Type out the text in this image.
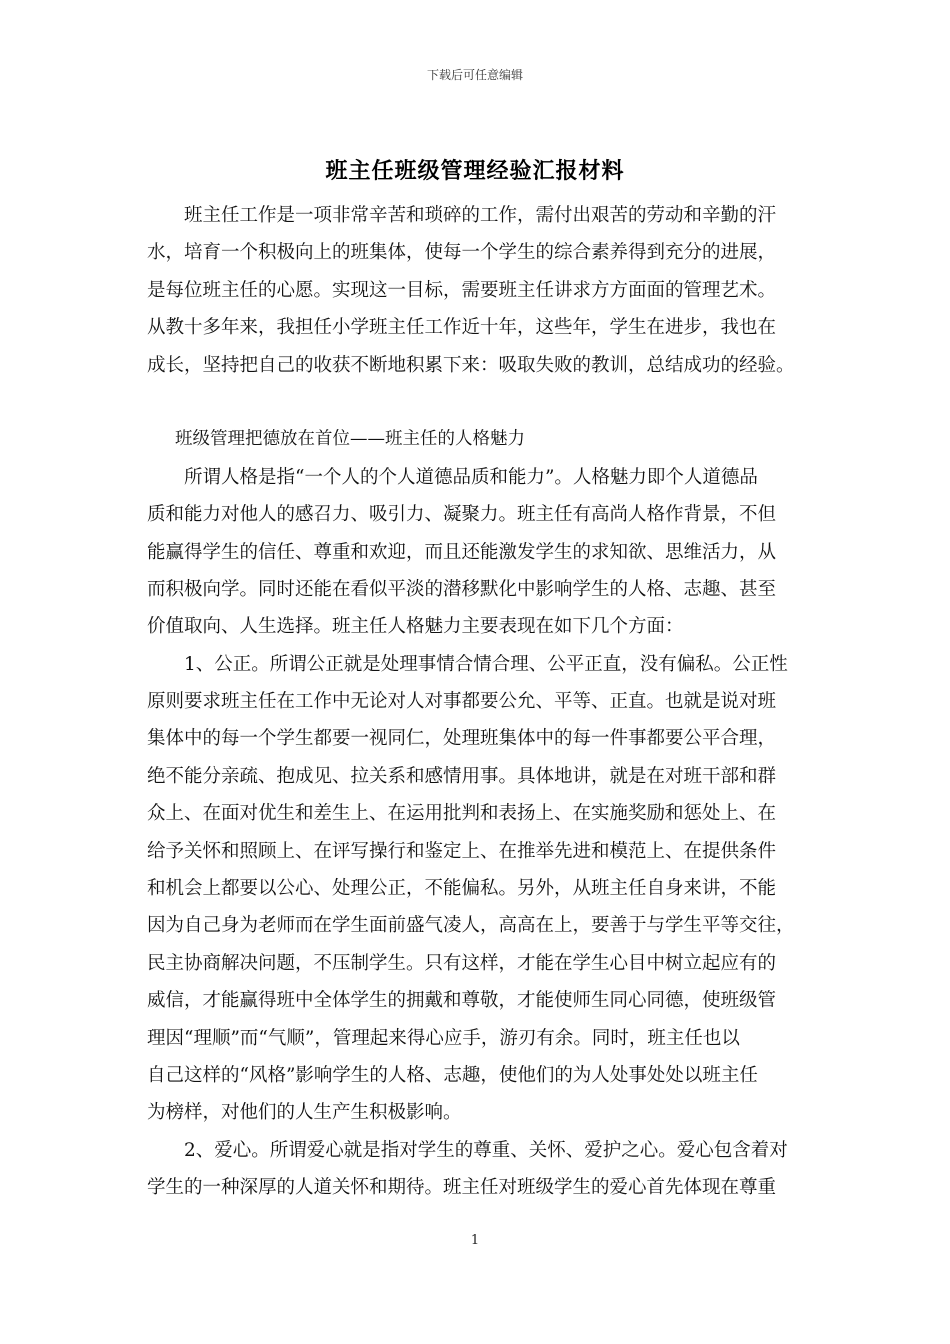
下载后可任意编辑
班主任班级管理经验汇报材料
班主任工作是一项非常辛苦和琐碎的工作，需付出艰苦的劳动和辛勤的汗
水，培育一个积极向上的班集体，使每一个学生的综合素养得到充分的进展，
是每位班主任的心愿。实现这一目标，需要班主任讲求方方面面的管理艺术。
从教十多年来，我担任小学班主任工作近十年，这些年，学生在进步，我也在
成长，坚持把自己的收获不断地积累下来：吸取失败的教训，总结成功的经验。
班级管理把德放在首位——班主任的人格魅力
所谓人格是指“一个人的个人道德品质和能力”。人格魅力即个人道德品
质和能力对他人的感召力、吸引力、凝聚力。班主任有高尚人格作背景，不但
能赢得学生的信任、尊重和欢迎，而且还能激发学生的求知欲、思维活力，从
而积极向学。同时还能在看似平淡的潜移默化中影响学生的人格、志趣、甚至
价值取向、人生选择。班主任人格魅力主要表现在如下几个方面：
1、公正。所谓公正就是处理事情合情合理、公平正直，没有偏私。公正性
原则要求班主任在工作中无论对人对事都要公允、平等、正直。也就是说对班
集体中的每一个学生都要一视同仁，处理班集体中的每一件事都要公平合理，
绝不能分亲疏、抱成见、拉关系和感情用事。具体地讲，就是在对班干部和群
众上、在面对优生和差生上、在运用批判和表扬上、在实施奖励和惩处上、在
给予关怀和照顾上、在评写操行和鉴定上、在推举先进和模范上、在提供条件
和机会上都要以公心、处理公正，不能偏私。另外，从班主任自身来讲，不能
因为自己身为老师而在学生面前盛气凌人，高高在上，要善于与学生平等交往，
民主协商解决问题，不压制学生。只有这样，才能在学生心目中树立起应有的
威信，才能赢得班中全体学生的拥戴和尊敬，才能使师生同心同德，使班级管
理因“理顺”而“气顺”，管理起来得心应手，游刃有余。同时，班主任也以
自己这样的“风格”影响学生的人格、志趣，使他们的为人处事处处以班主任
为榜样，对他们的人生产生积极影响。
2、爱心。所谓爱心就是指对学生的尊重、关怀、爱护之心。爱心包含着对
学生的一种深厚的人道关怀和期待。班主任对班级学生的爱心首先体现在尊重
1
